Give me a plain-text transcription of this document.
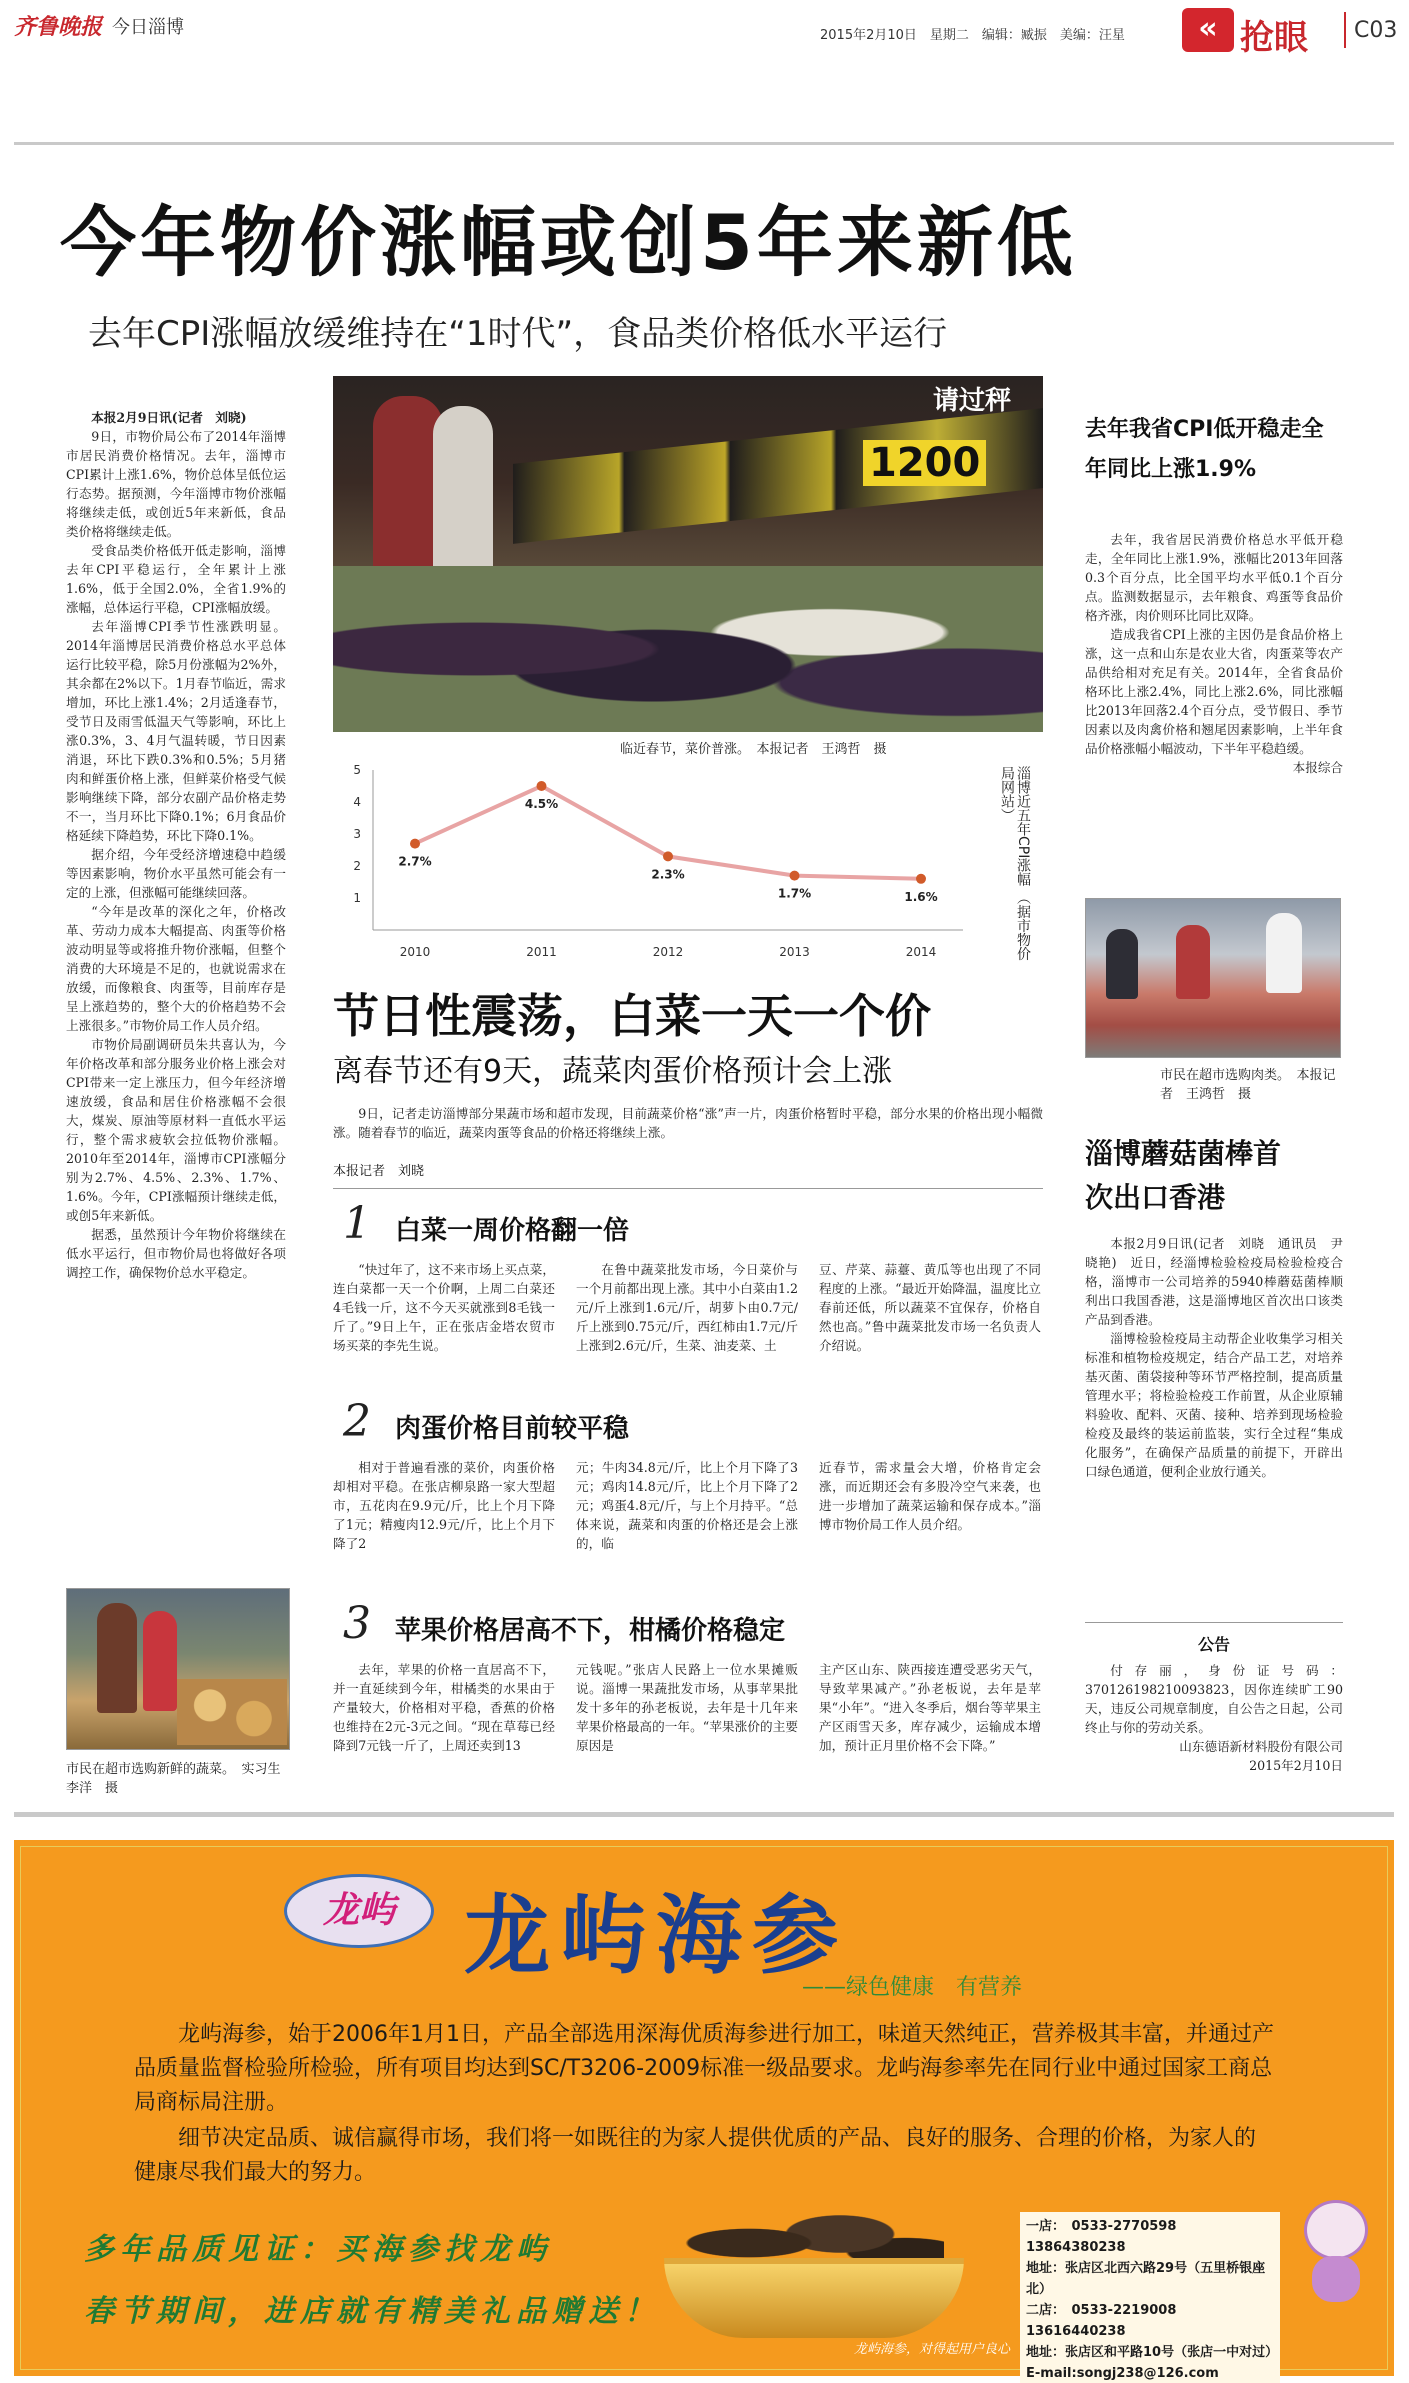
齐鲁晚报 今日淄博	2015年2月10日　星期二　编辑：臧振　美编：汪星	« 抢眼 C03
今年物价涨幅或创5年来新低
去年CPI涨幅放缓维持在“1时代”，食品类价格低水平运行

本报2月9日讯(记者　刘晓)

9日，市物价局公布了2014年淄博市居民消费价格情况。去年，淄博市CPI累计上涨1.6%，物价总体呈低位运行态势。据预测，今年淄博市物价涨幅将继续走低，或创近5年来新低，食品类价格将继续走低。

受食品类价格低开低走影响，淄博去年CPI平稳运行，全年累计上涨1.6%，低于全国2.0%，全省1.9%的涨幅，总体运行平稳，CPI涨幅放缓。

去年淄博CPI季节性涨跌明显。2014年淄博居民消费价格总水平总体运行比较平稳，除5月份涨幅为2%外，其余都在2%以下。1月春节临近，需求增加，环比上涨1.4%；2月适逢春节，受节日及雨雪低温天气等影响，环比上涨0.3%，3、4月气温转暖，节日因素消退，环比下跌0.3%和0.5%；5月猪肉和鲜蛋价格上涨，但鲜菜价格受气候影响继续下降，部分农副产品价格走势不一，当月环比下降0.1%；6月食品价格延续下降趋势，环比下降0.1%。

据介绍，今年受经济增速稳中趋缓等因素影响，物价水平虽然可能会有一定的上涨，但涨幅可能继续回落。

“今年是改革的深化之年，价格改革、劳动力成本大幅提高、肉蛋等价格波动明显等或将推升物价涨幅，但整个消费的大环境是不足的，也就说需求在放缓，而像粮食、肉蛋等，目前库存是呈上涨趋势的，整个大的价格趋势不会上涨很多。”市物价局工作人员介绍。

市物价局副调研员朱共喜认为，今年价格改革和部分服务业价格上涨会对CPI带来一定上涨压力，但今年经济增速放缓，食品和居住价格涨幅不会很大，煤炭、原油等原材料一直低水平运行，整个需求疲软会拉低物价涨幅。2010年至2014年，淄博市CPI涨幅分别为2.7%、4.5%、2.3%、1.7%、1.6%。今年，CPI涨幅预计继续走低，或创5年来新低。

据悉，虽然预计今年物价将继续在低水平运行，但市物价局也将做好各项调控工作，确保物价总水平稳定。

市民在超市选购新鲜的蔬菜。　实习生　李洋　摄
请过秤
1200
临近春节，菜价普涨。　本报记者　王鸿哲　摄
1
2
3
4
5
2010	2011	2012	2013	2014
2.7%
4.5%
2.3%
1.7%	1.6%
淄博近五年CPI涨幅 （据市物价局网站）
节日性震荡，白菜一天一个价
离春节还有9天，蔬菜肉蛋价格预计会上涨
9日，记者走访淄博部分果蔬市场和超市发现，目前蔬菜价格“涨”声一片，肉蛋价格暂时平稳，部分水果的价格出现小幅微涨。随着春节的临近，蔬菜肉蛋等食品的价格还将继续上涨。
本报记者　刘晓
1 白菜一周价格翻一倍
“快过年了，这不来市场上买点菜，连白菜都一天一个价啊，上周二白菜还4毛钱一斤，这不今天买就涨到8毛钱一斤了。”9日上午，正在张店金塔农贸市场买菜的李先生说。
在鲁中蔬菜批发市场，今日菜价与一个月前都出现上涨。其中小白菜由1.2元/斤上涨到1.6元/斤，胡萝卜由0.7元/斤上涨到0.75元/斤，西红柿由1.7元/斤上涨到2.6元/斤，生菜、油麦菜、土
豆、芹菜、蒜薹、黄瓜等也出现了不同程度的上涨。“最近开始降温，温度比立春前还低，所以蔬菜不宜保存，价格自然也高。”鲁中蔬菜批发市场一名负责人介绍说。
2 肉蛋价格目前较平稳
相对于普遍看涨的菜价，肉蛋价格却相对平稳。在张店柳泉路一家大型超市，五花肉在9.9元/斤，比上个月下降了1元；精瘦肉12.9元/斤，比上个月下降了2
元；牛肉34.8元/斤，比上个月下降了3元；鸡肉14.8元/斤，比上个月下降了2元；鸡蛋4.8元/斤，与上个月持平。“总体来说，蔬菜和肉蛋的价格还是会上涨的，临
近春节，需求量会大增，价格肯定会涨，而近期还会有多股冷空气来袭，也进一步增加了蔬菜运输和保存成本。”淄博市物价局工作人员介绍。
3 苹果价格居高不下，柑橘价格稳定
去年，苹果的价格一直居高不下，并一直延续到今年，柑橘类的水果由于产量较大，价格相对平稳，香蕉的价格也维持在2元-3元之间。“现在草莓已经降到7元钱一斤了，上周还卖到13
元钱呢。”张店人民路上一位水果摊贩说。淄博一果蔬批发市场，从事苹果批发十多年的孙老板说，去年是十几年来苹果价格最高的一年。“苹果涨价的主要原因是
主产区山东、陕西接连遭受恶劣天气，导致苹果减产。”孙老板说，去年是苹果“小年”。“进入冬季后，烟台等苹果主产区雨雪天多，库存减少，运输成本增加，预计正月里价格不会下降。”
去年我省CPI低开稳走全年同比上涨1.9%

去年，我省居民消费价格总水平低开稳走，全年同比上涨1.9%，涨幅比2013年回落0.3个百分点，比全国平均水平低0.1个百分点。监测数据显示，去年粮食、鸡蛋等食品价格齐涨，肉价则环比同比双降。

造成我省CPI上涨的主因仍是食品价格上涨，这一点和山东是农业大省，肉蛋菜等农产品供给相对充足有关。2014年，全省食品价格环比上涨2.4%，同比上涨2.6%，同比涨幅比2013年回落2.4个百分点，受节假日、季节因素以及肉禽价格和翘尾因素影响，上半年食品价格涨幅小幅波动，下半年平稳趋缓。

本报综合
市民在超市选购肉类。　本报记者　王鸿哲　摄
淄博蘑菇菌棒首次出口香港

本报2月9日讯(记者　刘晓　通讯员　尹晓艳)　近日，经淄博检验检疫局检验检疫合格，淄博市一公司培养的5940棒蘑菇菌棒顺利出口我国香港，这是淄博地区首次出口该类产品到香港。

淄博检验检疫局主动帮企业收集学习相关标准和植物检疫规定，结合产品工艺，对培养基灭菌、菌袋接种等环节严格控制，提高质量管理水平；将检验检疫工作前置，从企业原辅料验收、配料、灭菌、接种、培养到现场检验检疫及最终的装运前监装，实行全过程“集成化服务”，在确保产品质量的前提下，开辟出口绿色通道，便利企业放行通关。

公告
付存丽，身份证号码：370126198210093823，因你连续旷工90天，违反公司规章制度，自公告之日起，公司终止与你的劳动关系。
山东德语新材料股份有限公司
2015年2月10日
龙屿 龙屿海参
——绿色健康　有营养
龙屿海参，始于2006年1月1日，产品全部选用深海优质海参进行加工，味道天然纯正，营养极其丰富，并通过产品质量监督检验所检验，所有项目均达到SC/T3206-2009标准一级品要求。龙屿海参率先在同行业中通过国家工商总局商标局注册。
细节决定品质、诚信赢得市场，我们将一如既往的为家人提供优质的产品、良好的服务、合理的价格，为家人的健康尽我们最大的努力。
多年品质见证：买海参找龙屿
春节期间，进店就有精美礼品赠送！
龙屿海参，对得起用户良心
一店：　0533-2770598　13864380238
地址：张店区北西六路29号（五里桥银座北）
二店：　0533-2219008　13616440238
地址：张店区和平路10号（张店一中对过）
E-mail:songj238@126.com
